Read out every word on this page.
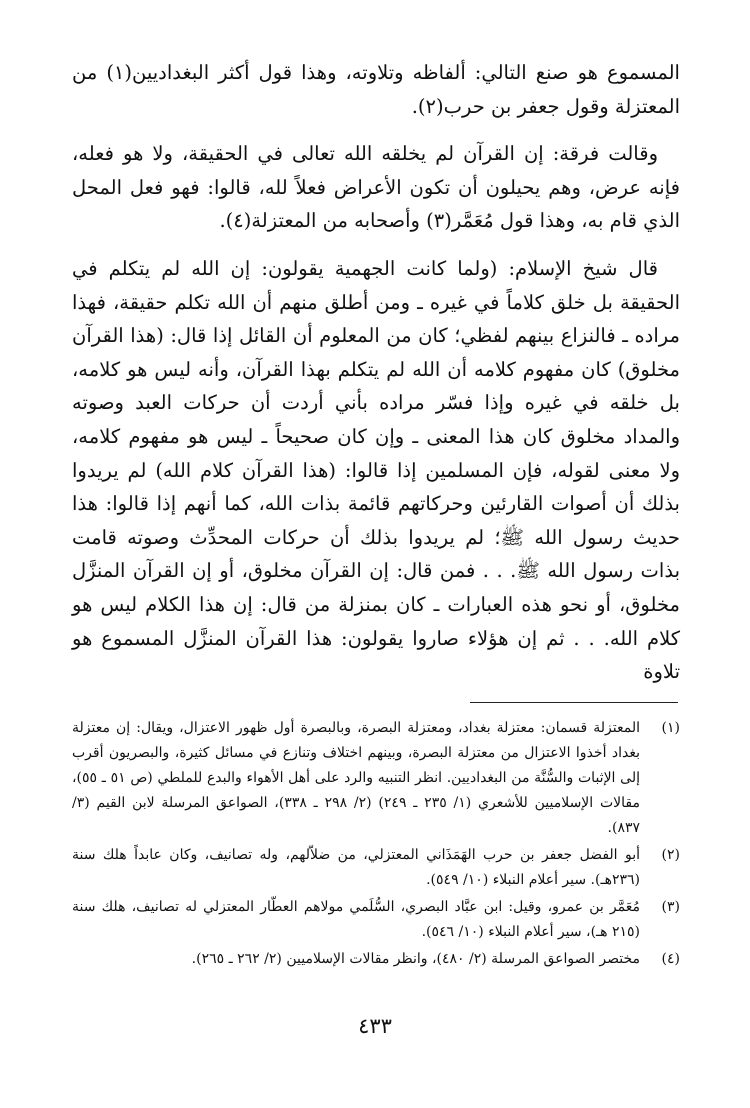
المسموع هو صنع التالي: ألفاظه وتلاوته، وهذا قول أكثر البغداديين(١) من المعتزلة وقول جعفر بن حرب(٢).

وقالت فرقة: إن القرآن لم يخلقه الله تعالى في الحقيقة، ولا هو فعله، فإنه عرض، وهم يحيلون أن تكون الأعراض فعلاً لله، قالوا: فهو فعل المحل الذي قام به، وهذا قول مُعَمَّر(٣) وأصحابه من المعتزلة(٤).

قال شيخ الإسلام: (ولما كانت الجهمية يقولون: إن الله لم يتكلم في الحقيقة بل خلق كلاماً في غيره ـ ومن أطلق منهم أن الله تكلم حقيقة، فهذا مراده ـ فالنزاع بينهم لفظي؛ كان من المعلوم أن القائل إذا قال: (هذا القرآن مخلوق) كان مفهوم كلامه أن الله لم يتكلم بهذا القرآن، وأنه ليس هو كلامه، بل خلقه في غيره وإذا فسّر مراده بأني أردت أن حركات العبد وصوته والمداد مخلوق كان هذا المعنى ـ وإن كان صحيحاً ـ ليس هو مفهوم كلامه، ولا معنى لقوله، فإن المسلمين إذا قالوا: (هذا القرآن كلام الله) لم يريدوا بذلك أن أصوات القارئين وحركاتهم قائمة بذات الله، كما أنهم إذا قالوا: هذا حديث رسول الله ﷺ؛ لم يريدوا بذلك أن حركات المحدِّث وصوته قامت بذات رسول الله ﷺ. . . فمن قال: إن القرآن مخلوق، أو إن القرآن المنزَّل مخلوق، أو نحو هذه العبارات ـ كان بمنزلة من قال: إن هذا الكلام ليس هو كلام الله. . . ثم إن هؤلاء صاروا يقولون: هذا القرآن المنزَّل المسموع هو تلاوة

(١)
المعتزلة قسمان: معتزلة بغداد، ومعتزلة البصرة، وبالبصرة أول ظهور الاعتزال، ويقال: إن معتزلة بغداد أخذوا الاعتزال من معتزلة البصرة، وبينهم اختلاف وتنازع في مسائل كثيرة، والبصريون أقرب إلى الإثبات والسُّنَّة من البغداديين. انظر التنبيه والرد على أهل الأهواء والبدع للملطي (ص ٥١ ـ ٥٥)، مقالات الإسلاميين للأشعري (١/ ٢٣٥ ـ ٢٤٩) (٢/ ٢٩٨ ـ ٣٣٨)، الصواعق المرسلة لابن القيم (٣/ ٨٣٧).
(٢)
أبو الفضل جعفر بن حرب الهَمَذَاني المعتزلي، من ضلاّلهم، وله تصانيف، وكان عابداً هلك سنة (٢٣٦هـ). سير أعلام النبلاء (١٠/ ٥٤٩).
(٣)
مُعَمَّر بن عمرو، وقيل: ابن عبَّاد البصري، السُّلَمي مولاهم العطّار المعتزلي له تصانيف، هلك سنة (٢١٥ هـ)، سير أعلام النبلاء (١٠/ ٥٤٦).
(٤)
مختصر الصواعق المرسلة (٢/ ٤٨٠)، وانظر مقالات الإسلاميين (٢/ ٢٦٢ ـ ٢٦٥).
٤٣٣
